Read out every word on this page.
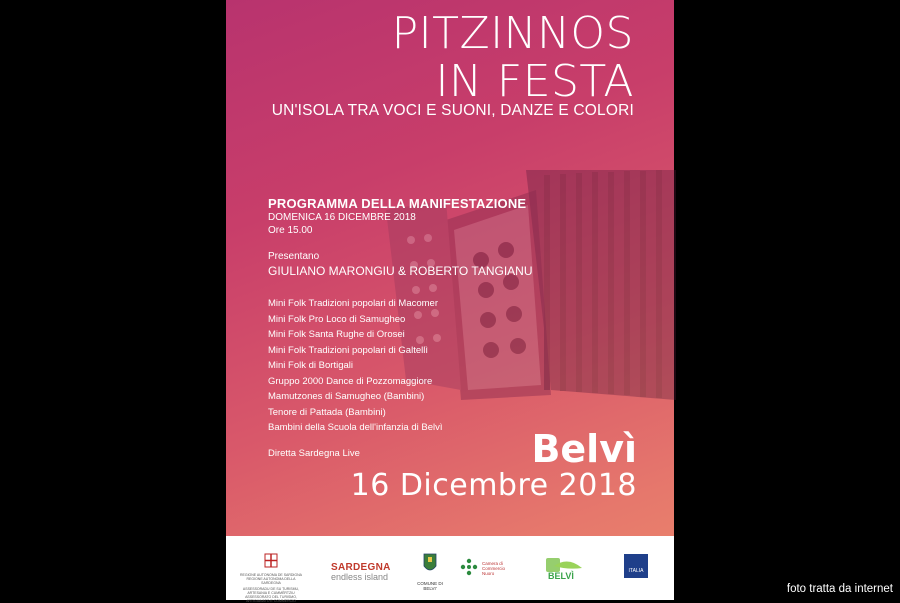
PITZINNOS
IN FESTA
UN'ISOLA TRA VOCI E SUONI, DANZE E COLORI
PROGRAMMA DELLA MANIFESTAZIONE
DOMENICA 16 DICEMBRE 2018
Ore 15.00
Presentano
GIULIANO MARONGIU & ROBERTO TANGIANU
Mini Folk Tradizioni popolari di Macomer
Mini Folk Pro Loco di Samugheo
Mini Folk Santa Rughe di Orosei
Mini Folk Tradizioni popolari di Galtellì
Mini Folk di Bortigali
Gruppo 2000 Dance di Pozzomaggiore
Mamutzones di Samugheo (Bambini)
Tenore di Pattada (Bambini)
Bambini della Scuola dell'infanzia di Belvì
Diretta Sardegna Live	Belvì
16 Dicembre 2018
REGIONE AUTONOMA DE SARDIGNA
REGIONE AUTONOMA DELLA SARDEGNA
ASSESSORADU DE SU TURISMU, ARTESANIA E CUMMÈRTZIU
ASSESSORATO DEL TURISMO, ARTIGIANATO E COMMERCIO
SARDEGNA
endless island
COMUNE DI BELVI'
Camera di Commercio Nuoro	BELVÌ	ITALIA
foto tratta da internet
